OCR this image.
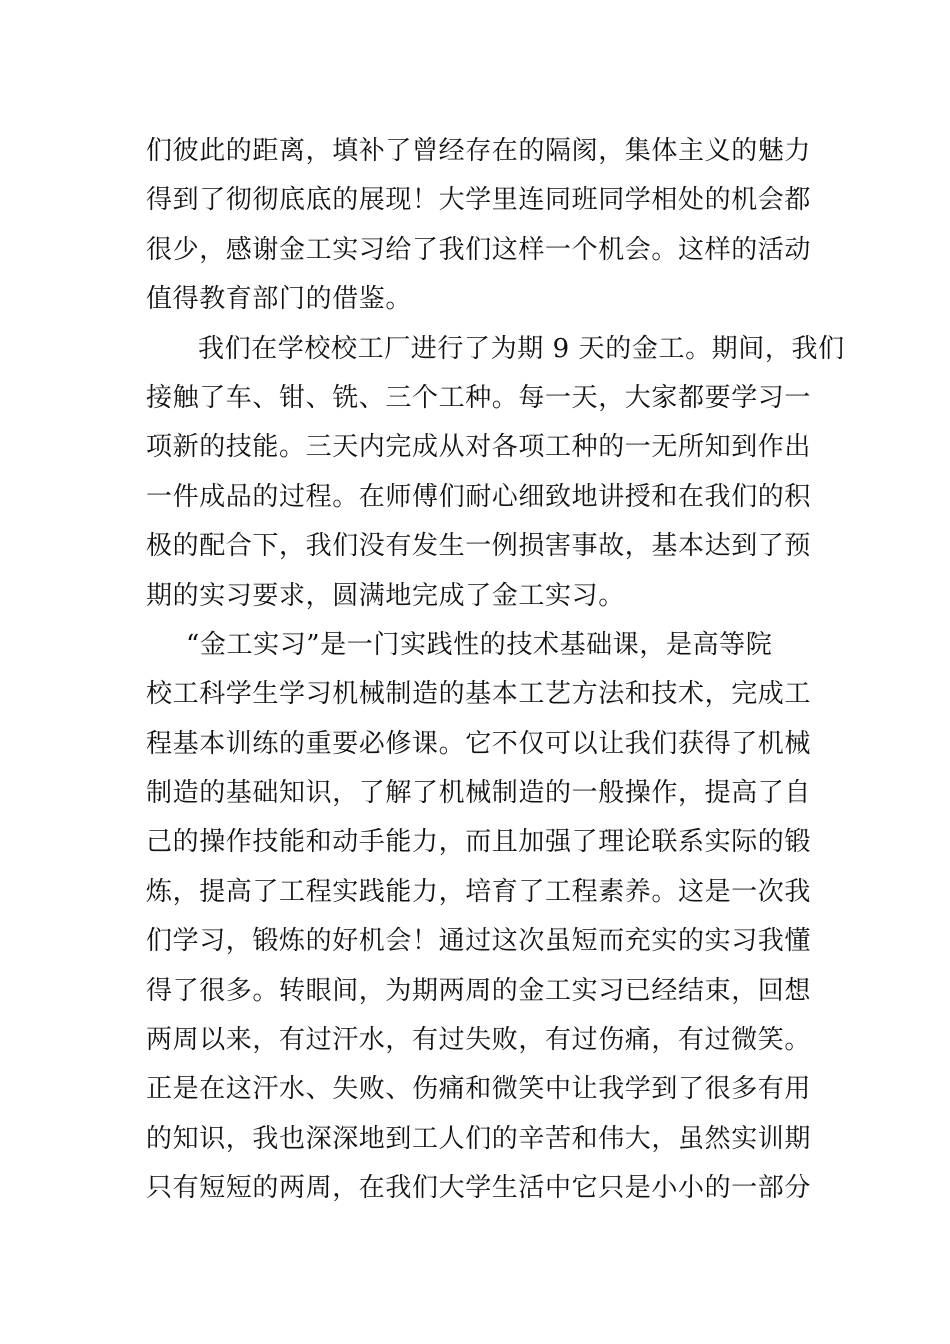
们彼此的距离，填补了曾经存在的隔阂，集体主义的魅力
得到了彻彻底底的展现！大学里连同班同学相处的机会都
很少，感谢金工实习给了我们这样一个机会。这样的活动
值得教育部门的借鉴。
我们在学校校工厂进行了为期 9 天的金工。期间，我们
接触了车、钳、铣、三个工种。每一天，大家都要学习一
项新的技能。三天内完成从对各项工种的一无所知到作出
一件成品的过程。在师傅们耐心细致地讲授和在我们的积
极的配合下，我们没有发生一例损害事故，基本达到了预
期的实习要求，圆满地完成了金工实习。
“金工实习”是一门实践性的技术基础课，是高等院
校工科学生学习机械制造的基本工艺方法和技术，完成工
程基本训练的重要必修课。它不仅可以让我们获得了机械
制造的基础知识，了解了机械制造的一般操作，提高了自
己的操作技能和动手能力，而且加强了理论联系实际的锻
炼，提高了工程实践能力，培育了工程素养。这是一次我
们学习，锻炼的好机会！通过这次虽短而充实的实习我懂
得了很多。转眼间，为期两周的金工实习已经结束，回想
两周以来，有过汗水，有过失败，有过伤痛，有过微笑。
正是在这汗水、失败、伤痛和微笑中让我学到了很多有用
的知识，我也深深地到工人们的辛苦和伟大，虽然实训期
只有短短的两周，在我们大学生活中它只是小小的一部分
